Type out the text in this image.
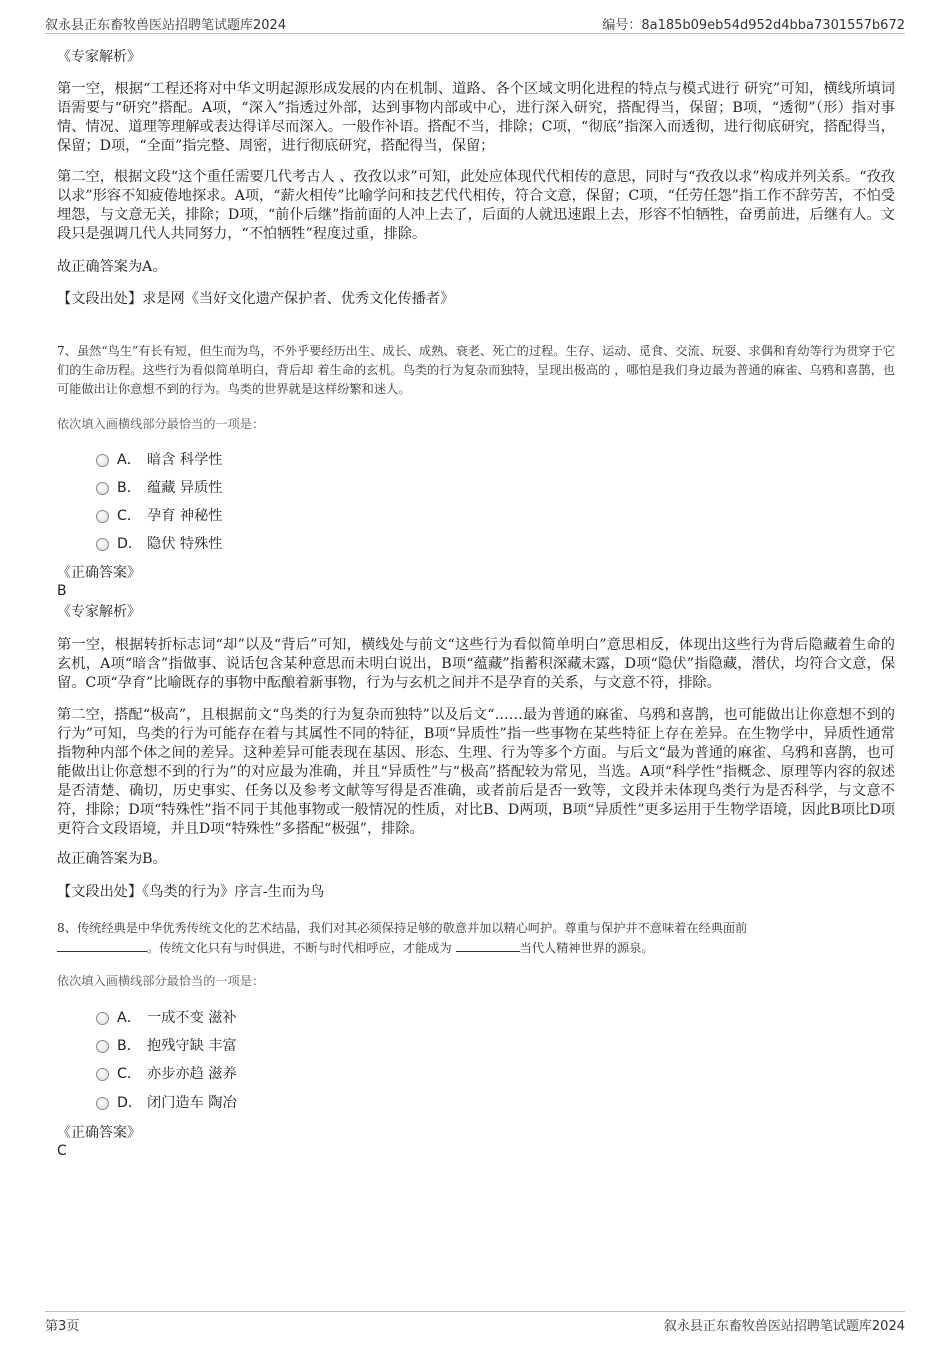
叙永县正东畜牧兽医站招聘笔试题库2024	编号：8a185b09eb54d952d4bba7301557b672
《专家解析》
第一空，根据“工程还将对中华文明起源形成发展的内在机制、道路、各个区域文明化进程的特点与模式进行 研究”可知，横线所填词语需要与“研究”搭配。A项，“深入”指透过外部，达到事物内部或中心，进行深入研究，搭配得当，保留；B项，“透彻”（形）指对事情、情况、道理等理解或表达得详尽而深入。一般作补语。搭配不当，排除；C项，“彻底”指深入而透彻，进行彻底研究，搭配得当，保留；D项，“全面”指完整、周密，进行彻底研究，搭配得当，保留；
第二空，根据文段“这个重任需要几代考古人 、孜孜以求”可知，此处应体现代代相传的意思，同时与“孜孜以求”构成并列关系。“孜孜以求”形容不知疲倦地探求。A项，“薪火相传”比喻学问和技艺代代相传，符合文意，保留；C项，“任劳任怨”指工作不辞劳苦，不怕受埋怨，与文意无关，排除；D项，“前仆后继”指前面的人冲上去了，后面的人就迅速跟上去，形容不怕牺牲，奋勇前进，后继有人。文段只是强调几代人共同努力，“不怕牺牲”程度过重，排除。
故正确答案为A。
【文段出处】求是网《当好文化遗产保护者、优秀文化传播者》
7、虽然“鸟生”有长有短，但生而为鸟，不外乎要经历出生、成长、成熟、衰老、死亡的过程。生存、运动、觅食、交流、玩耍、求偶和育幼等行为贯穿于它们的生命历程。这些行为看似简单明白，背后却 着生命的玄机。鸟类的行为复杂而独特，呈现出极高的 ，哪怕是我们身边最为普通的麻雀、乌鸦和喜鹊，也可能做出让你意想不到的行为。鸟类的世界就是这样纷繁和迷人。
依次填入画横线部分最恰当的一项是：
A． 暗含 科学性
B． 蕴藏 异质性
C． 孕育 神秘性
D． 隐伏 特殊性
《正确答案》
B
《专家解析》
第一空，根据转折标志词“却”以及“背后”可知，横线处与前文“这些行为看似简单明白”意思相反，体现出这些行为背后隐藏着生命的玄机，A项“暗含”指做事、说话包含某种意思而未明白说出，B项“蕴藏”指蓄积深藏未露，D项“隐伏”指隐藏，潜伏，均符合文意，保留。C项“孕育”比喻既存的事物中酝酿着新事物，行为与玄机之间并不是孕育的关系，与文意不符，排除。
第二空，搭配“极高”，且根据前文“鸟类的行为复杂而独特”以及后文“……最为普通的麻雀、乌鸦和喜鹊，也可能做出让你意想不到的行为”可知，鸟类的行为可能存在着与其属性不同的特征，B项“异质性”指一些事物在某些特征上存在差异。在生物学中，异质性通常指物种内部个体之间的差异。这种差异可能表现在基因、形态、生理、行为等多个方面。与后文“最为普通的麻雀、乌鸦和喜鹊，也可能做出让你意想不到的行为”的对应最为准确，并且“异质性”与“极高”搭配较为常见，当选。A项“科学性”指概念、原理等内容的叙述是否清楚、确切，历史事实、任务以及参考文献等写得是否准确，或者前后是否一致等，文段并未体现鸟类行为是否科学，与文意不符，排除；D项“特殊性”指不同于其他事物或一般情况的性质，对比B、D两项，B项“异质性”更多运用于生物学语境，因此B项比D项更符合文段语境，并且D项“特殊性”多搭配“极强”，排除。
故正确答案为B。
【文段出处】《鸟类的行为》序言-生而为鸟
8、传统经典是中华优秀传统文化的艺术结晶，我们对其必须保持足够的敬意并加以精心呵护。尊重与保护并不意味着在经典面前
。传统文化只有与时俱进，不断与时代相呼应，才能成为	当代人精神世界的源泉。
依次填入画横线部分最恰当的一项是：
A． 一成不变 滋补
B． 抱残守缺 丰富
C． 亦步亦趋 滋养
D． 闭门造车 陶冶
《正确答案》
C
第3页	叙永县正东畜牧兽医站招聘笔试题库2024
